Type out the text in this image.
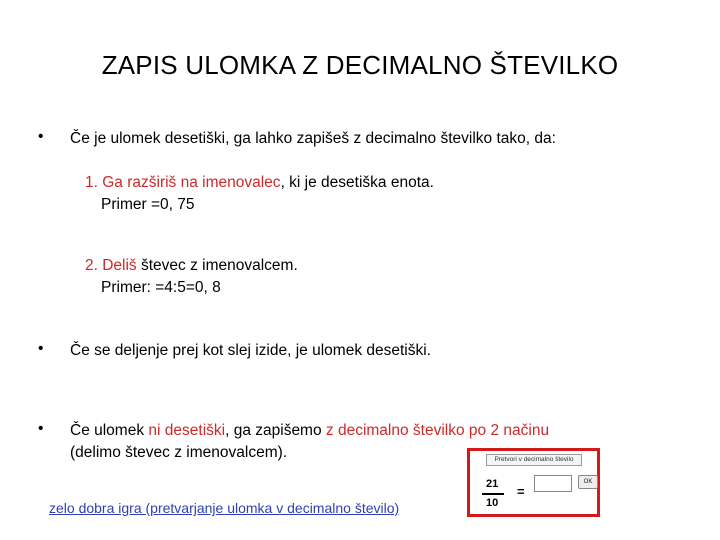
ZAPIS ULOMKA Z DECIMALNO ŠTEVILKO
• Če je ulomek desetiški, ga lahko zapišeš z decimalno številko tako, da:
1. Ga razširiš na imenovalec, ki je desetiška enota.
Primer =0, 75
2. Deliš števec z imenovalcem.
Primer: =4:5=0, 8
• Če se deljenje prej kot slej izide, je ulomek desetiški.
• Če ulomek ni desetiški, ga zapišemo z decimalno številko po 2 načinu
(delimo števec z imenovalcem).
zelo dobra igra (pretvarjanje ulomka v decimalno število)
Pretvori v decimalno število
21
10
=
OK
